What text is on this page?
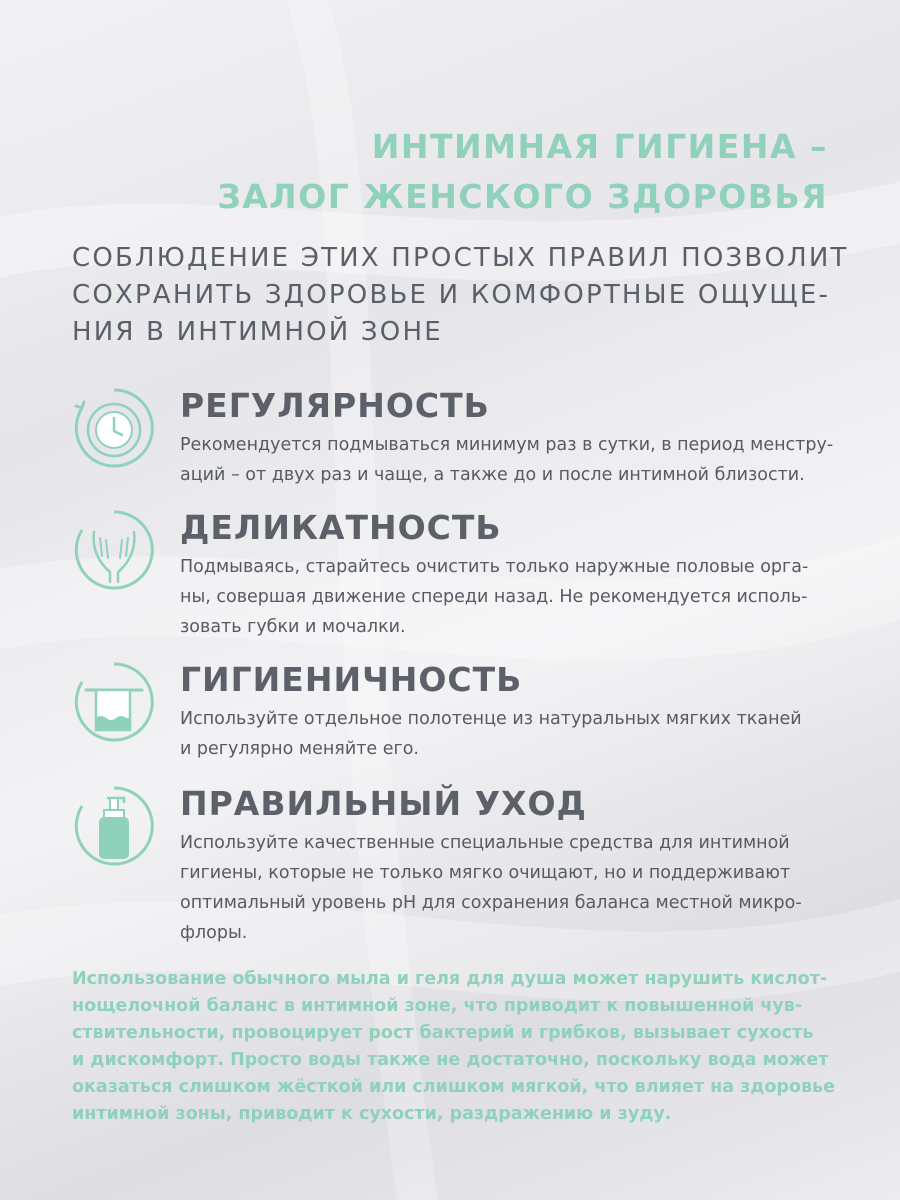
ИНТИМНАЯ ГИГИЕНА –
ЗАЛОГ ЖЕНСКОГО ЗДОРОВЬЯ

СОБЛЮДЕНИЕ ЭТИХ ПРОСТЫХ ПРАВИЛ ПОЗВОЛИТ
СОХРАНИТЬ ЗДОРОВЬЕ И КОМФОРТНЫЕ ОЩУЩЕ-
НИЯ В ИНТИМНОЙ ЗОНЕ

РЕГУЛЯРНОСТЬ

Рекомендуется подмываться минимум раз в сутки, в период менстру-
аций – от двух раз и чаще, а также до и после интимной близости.

ДЕЛИКАТНОСТЬ

Подмываясь, старайтесь очистить только наружные половые орга-
ны, совершая движение спереди назад. Не рекомендуется исполь-
зовать губки и мочалки.

ГИГИЕНИЧНОСТЬ

Используйте отдельное полотенце из натуральных мягких тканей
и регулярно меняйте его.

ПРАВИЛЬНЫЙ УХОД

Используйте качественные специальные средства для интимной
гигиены, которые не только мягко очищают, но и поддерживают
оптимальный уровень pH для сохранения баланса местной микро-
флоры.

Использование обычного мыла и геля для душа может нарушить кислот-
нощелочной баланс в интимной зоне, что приводит к повышенной чув-
ствительности, провоцирует рост бактерий и грибков, вызывает сухость
и дискомфорт. Просто воды также не достаточно, поскольку вода может
оказаться слишком жёсткой или слишком мягкой, что влияет на здоровье
интимной зоны, приводит к сухости, раздражению и зуду.
